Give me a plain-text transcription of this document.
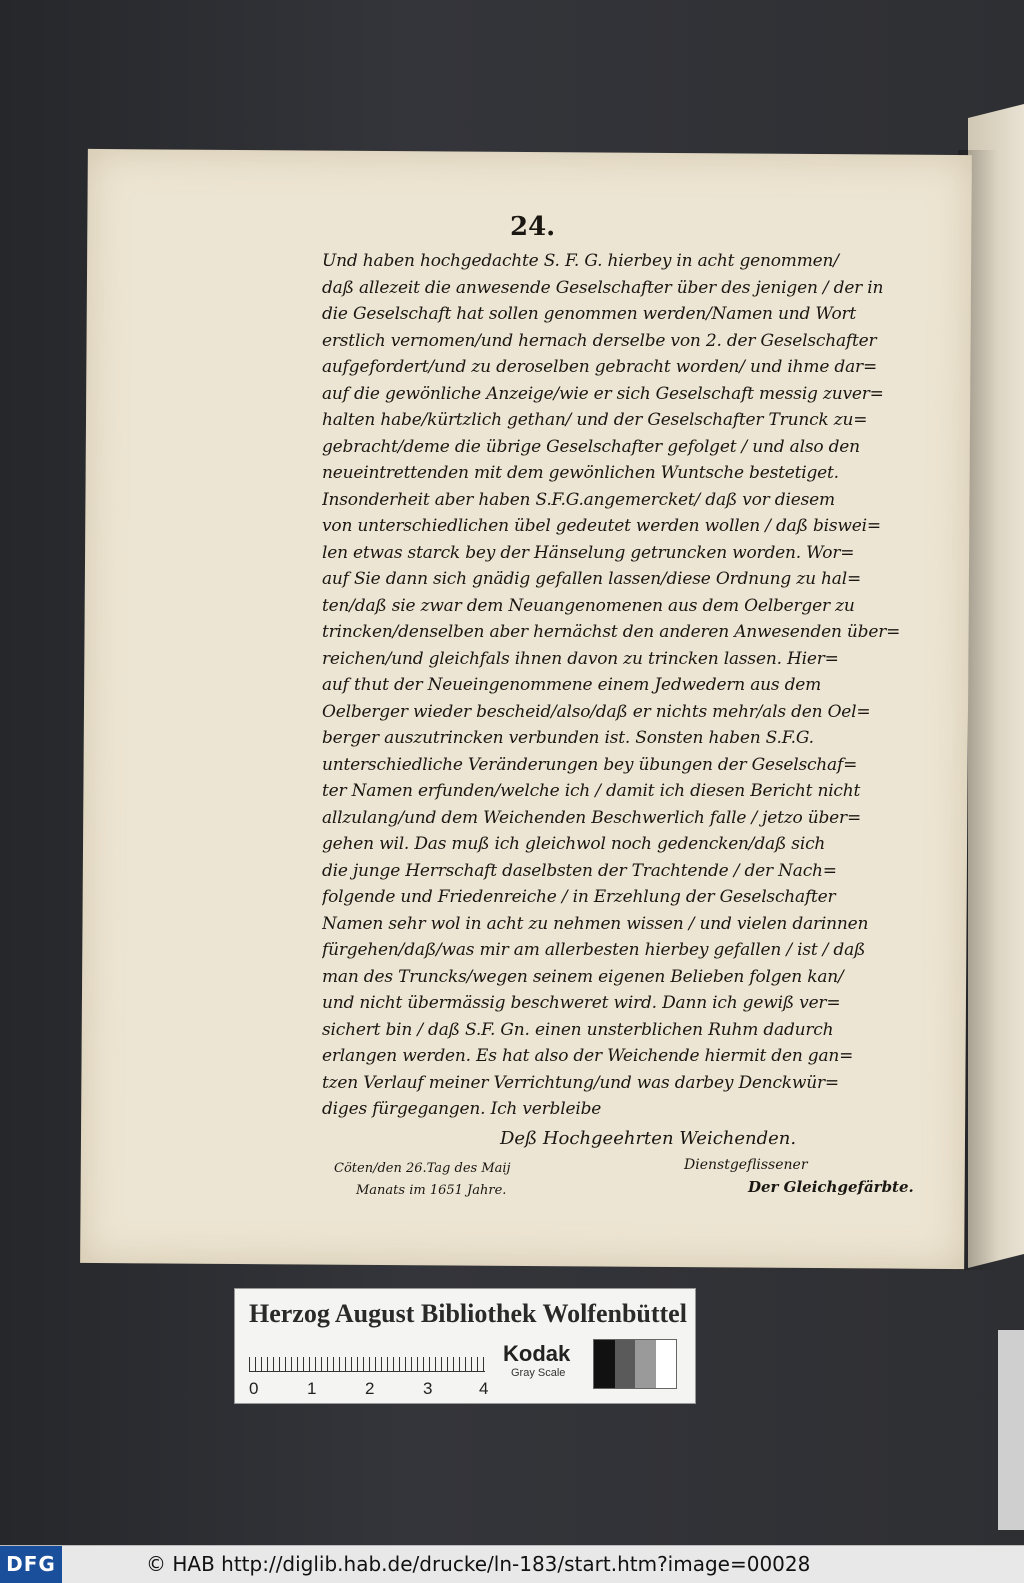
24.
Und haben hochgedachte S. F. G. hierbey in acht genommen/
daß allezeit die anwesende Geselschafter über des jenigen / der in
die Geselschaft hat sollen genommen werden/Namen und Wort
erstlich vernomen/und hernach derselbe von 2. der Geselschafter
aufgefordert/und zu deroselben gebracht worden/ und ihme dar=
auf die gewönliche Anzeige/wie er sich Geselschaft messig zuver=
halten habe/kürtzlich gethan/ und der Geselschafter Trunck zu=
gebracht/deme die übrige Geselschafter gefolget / und also den
neueintrettenden mit dem gewönlichen Wuntsche bestetiget.
Insonderheit aber haben S.F.G.angemercket/ daß vor diesem
von unterschiedlichen übel gedeutet werden wollen / daß biswei=
len etwas starck bey der Hänselung getruncken worden. Wor=
auf Sie dann sich gnädig gefallen lassen/diese Ordnung zu hal=
ten/daß sie zwar dem Neuangenomenen aus dem Oelberger zu
trincken/denselben aber hernächst den anderen Anwesenden über=
reichen/und gleichfals ihnen davon zu trincken lassen. Hier=
auf thut der Neueingenommene einem Jedwedern aus dem
Oelberger wieder bescheid/also/daß er nichts mehr/als den Oel=
berger auszutrincken verbunden ist. Sonsten haben S.F.G.
unterschiedliche Veränderungen bey übungen der Geselschaf=
ter Namen erfunden/welche ich / damit ich diesen Bericht nicht
allzulang/und dem Weichenden Beschwerlich falle / jetzo über=
gehen wil. Das muß ich gleichwol noch gedencken/daß sich
die junge Herrschaft daselbsten der Trachtende / der Nach=
folgende und Friedenreiche / in Erzehlung der Geselschafter
Namen sehr wol in acht zu nehmen wissen / und vielen darinnen
fürgehen/daß/was mir am allerbesten hierbey gefallen / ist / daß
man des Truncks/wegen seinem eigenen Belieben folgen kan/
und nicht übermässig beschweret wird. Dann ich gewiß ver=
sichert bin / daß S.F. Gn. einen unsterblichen Ruhm dadurch
erlangen werden. Es hat also der Weichende hiermit den gan=
tzen Verlauf meiner Verrichtung/und was darbey Denckwür=
diges fürgegangen. Ich verbleibe
Deß Hochgeehrten Weichenden.
Cöten/den 26.Tag des Maij
Manats im 1651 Jahre.
Dienstgeflissener
Der Gleichgefärbte.
Herzog August Bibliothek Wolfenbüttel
0	1	2	3	4
Kodak
Gray Scale
DFG	© HAB http://diglib.hab.de/drucke/ln-183/start.htm?image=00028
